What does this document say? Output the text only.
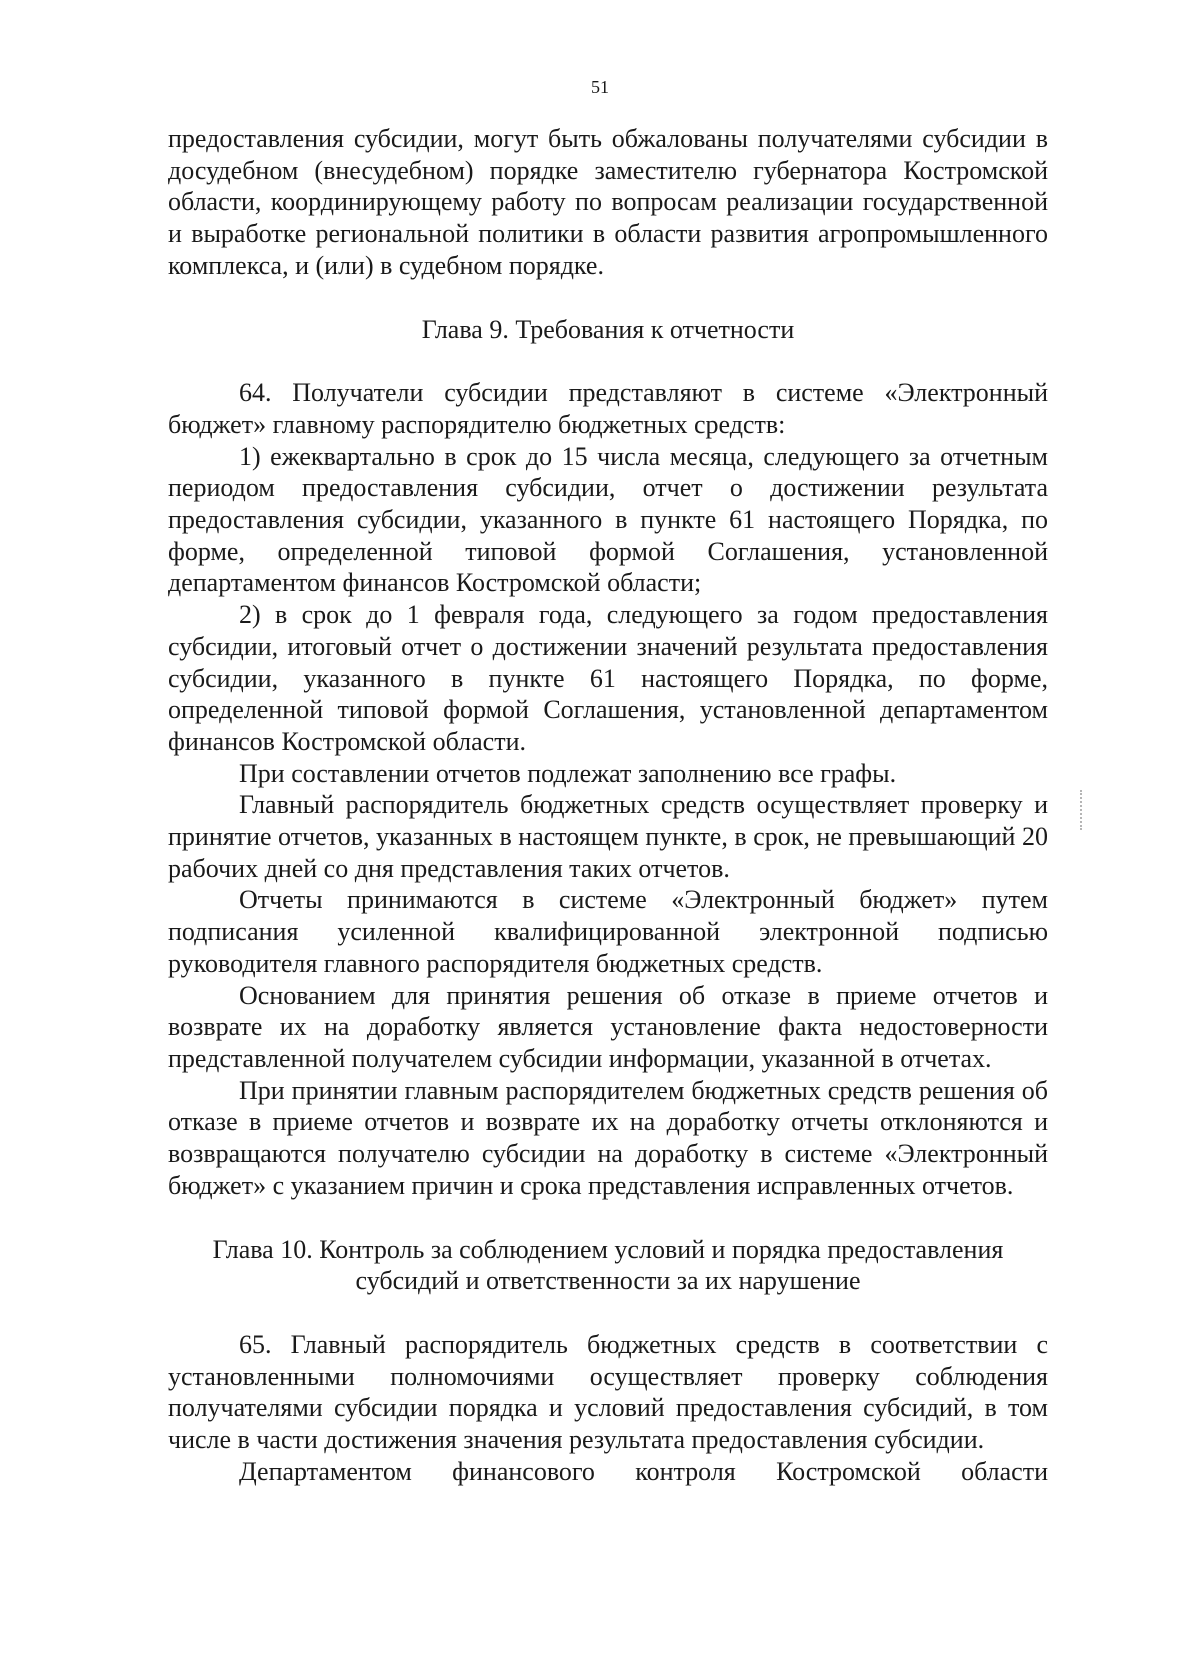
51

предоставления субсидии, могут быть обжалованы получателями субсидии в досудебном (внесудебном) порядке заместителю губернатора Костромской области, координирующему работу по вопросам реализации государственной и выработке региональной политики в области развития агропромышленного комплекса, и (или) в судебном порядке.

Глава 9. Требования к отчетности

64. Получатели субсидии представляют в системе «Электронный бюджет» главному распорядителю бюджетных средств:

1) ежеквартально в срок до 15 числа месяца, следующего за отчетным периодом предоставления субсидии, отчет о достижении результата предоставления субсидии, указанного в пункте 61 настоящего Порядка, по форме, определенной типовой формой Соглашения, установленной департаментом финансов Костромской области;

2) в срок до 1 февраля года, следующего за годом предоставления субсидии, итоговый отчет о достижении значений результата предоставления субсидии, указанного в пункте 61 настоящего Порядка, по форме, определенной типовой формой Соглашения, установленной департаментом финансов Костромской области.

При составлении отчетов подлежат заполнению все графы.

Главный распорядитель бюджетных средств осуществляет проверку и принятие отчетов, указанных в настоящем пункте, в срок, не превышающий 20 рабочих дней со дня представления таких отчетов.

Отчеты принимаются в системе «Электронный бюджет» путем подписания усиленной квалифицированной электронной подписью руководителя главного распорядителя бюджетных средств.

Основанием для принятия решения об отказе в приеме отчетов и возврате их на доработку является установление факта недостоверности представленной получателем субсидии информации, указанной в отчетах.

При принятии главным распорядителем бюджетных средств решения об отказе в приеме отчетов и возврате их на доработку отчеты отклоняются и возвращаются получателю субсидии на доработку в системе «Электронный бюджет» с указанием причин и срока представления исправленных отчетов.

Глава 10. Контроль за соблюдением условий и порядка предоставления
субсидий и ответственности за их нарушение

65. Главный распорядитель бюджетных средств в соответствии с установленными полномочиями осуществляет проверку соблюдения получателями субсидии порядка и условий предоставления субсидий, в том числе в части достижения значения результата предоставления субсидии.

Департаментом финансового контроля Костромской области
